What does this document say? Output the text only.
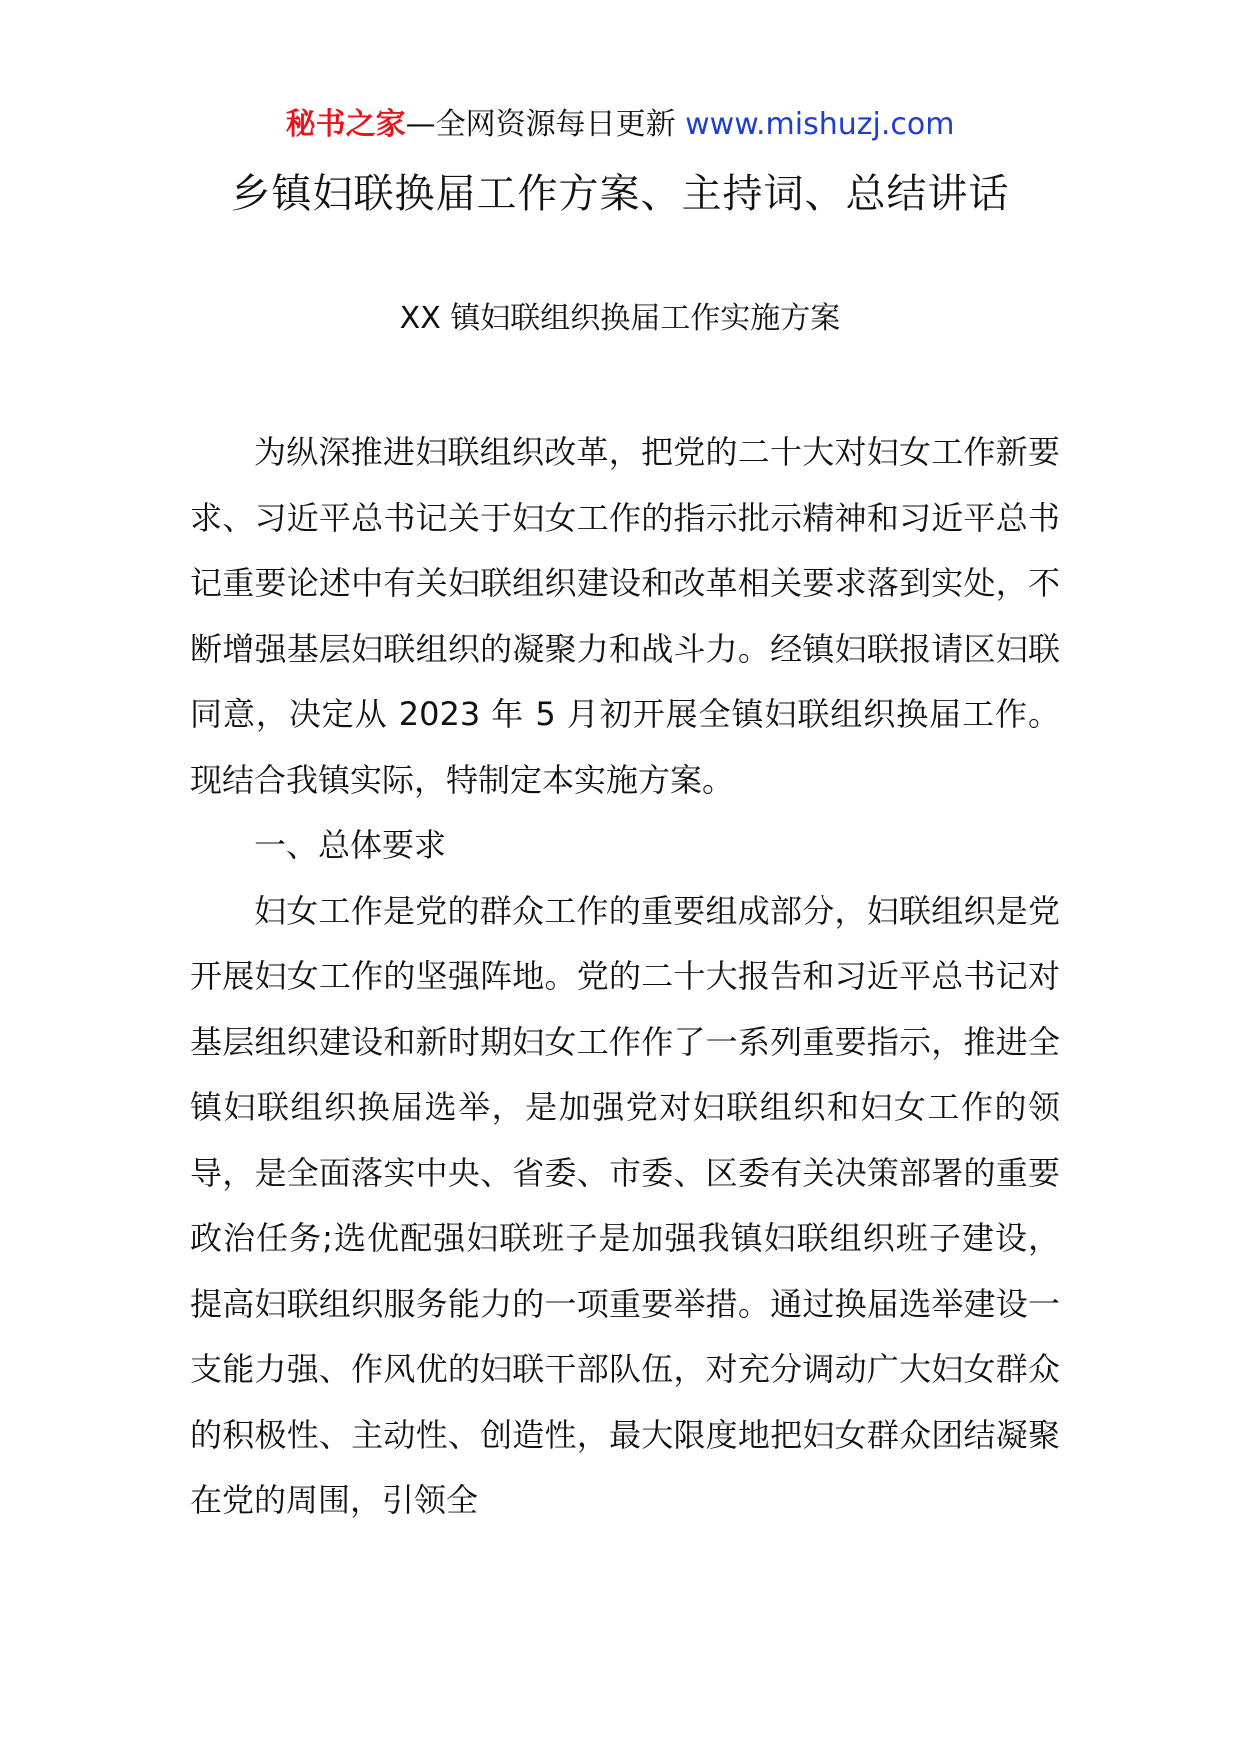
秘书之家—全网资源每日更新 www.mishuzj.com
乡镇妇联换届工作方案、主持词、总结讲话
XX 镇妇联组织换届工作实施方案

为纵深推进妇联组织改革，把党的二十大对妇女工作新要求、习近平总书记关于妇女工作的指示批示精神和习近平总书记重要论述中有关妇联组织建设和改革相关要求落到实处，不断增强基层妇联组织的凝聚力和战斗力。经镇妇联报请区妇联同意，决定从 2023 年 5 月初开展全镇妇联组织换届工作。现结合我镇实际，特制定本实施方案。

一、总体要求

妇女工作是党的群众工作的重要组成部分，妇联组织是党开展妇女工作的坚强阵地。党的二十大报告和习近平总书记对基层组织建设和新时期妇女工作作了一系列重要指示，推进全镇妇联组织换届选举，是加强党对妇联组织和妇女工作的领导，是全面落实中央、省委、市委、区委有关决策部署的重要政治任务;选优配强妇联班子是加强我镇妇联组织班子建设，提高妇联组织服务能力的一项重要举措。通过换届选举建设一支能力强、作风优的妇联干部队伍，对充分调动广大妇女群众的积极性、主动性、创造性，最大限度地把妇女群众团结凝聚在党的周围，引领全
